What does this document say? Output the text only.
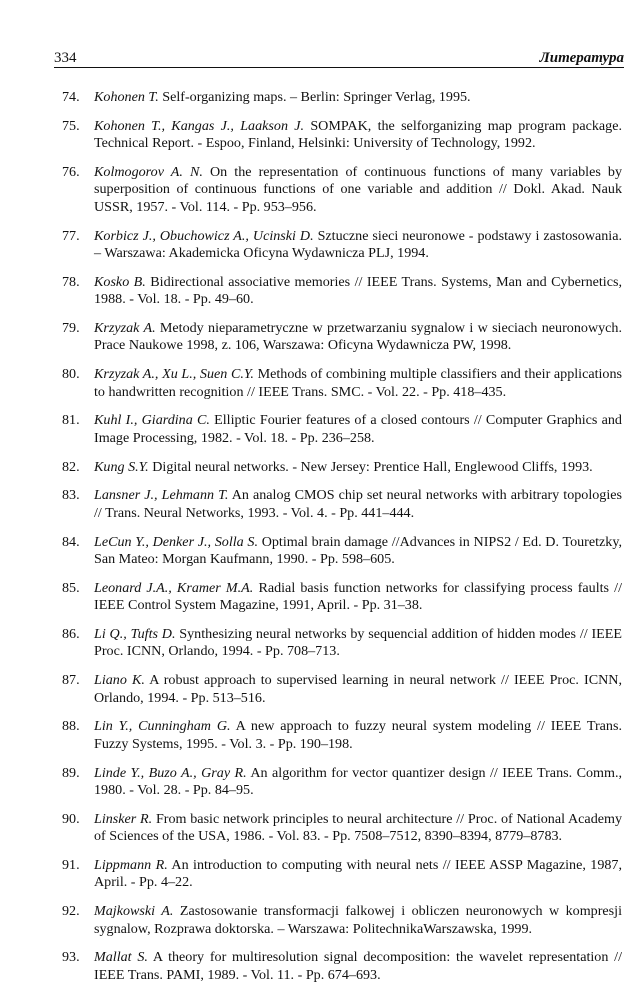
334	Литература
74.	Kohonen T. Self-organizing maps. – Berlin: Springer Verlag, 1995.
75.	Kohonen T., Kangas J., Laakson J. SOMPAK, the selforganizing map program package. Technical Report. - Espoo, Finland, Helsinki: University of Technology, 1992.
76.	Kolmogorov A. N. On the representation of continuous functions of many variables by superposition of continuous functions of one variable and addition // Dokl. Akad. Nauk USSR, 1957. - Vol. 114. - Pp. 953–956.
77.	Korbicz J., Obuchowicz A., Ucinski D. Sztuczne sieci neuronowe - podstawy i zastosowania. – Warszawa: Akademicka Oficyna Wydawnicza PLJ, 1994.
78.	Kosko B. Bidirectional associative memories // IEEE Trans. Systems, Man and Cybernetics, 1988. - Vol. 18. - Pp. 49–60.
79.	Krzyzak A. Metody nieparametryczne w przetwarzaniu sygnalow i w sieciach neuronowych. Prace Naukowe 1998, z. 106, Warszawa: Oficyna Wydawnicza PW, 1998.
80.	Krzyzak A., Xu L., Suen C.Y. Methods of combining multiple classifiers and their applications to handwritten recognition // IEEE Trans. SMC. - Vol. 22. - Pp. 418–435.
81.	Kuhl I., Giardina C. Elliptic Fourier features of a closed contours // Computer Graphics and Image Processing, 1982. - Vol. 18. - Pp. 236–258.
82.	Kung S.Y. Digital neural networks. - New Jersey: Prentice Hall, Englewood Cliffs, 1993.
83.	Lansner J., Lehmann T. An analog CMOS chip set neural networks with arbitrary topologies // Trans. Neural Networks, 1993. - Vol. 4. - Pp. 441–444.
84.	LeCun Y., Denker J., Solla S. Optimal brain damage //Advances in NIPS2 / Ed. D. Touretzky, San Mateo: Morgan Kaufmann, 1990. - Pp. 598–605.
85.	Leonard J.A., Kramer M.A. Radial basis function networks for classifying process faults // IEEE Control System Magazine, 1991, April. - Pp. 31–38.
86.	Li Q., Tufts D. Synthesizing neural networks by sequencial addition of hidden modes // IEEE Proc. ICNN, Orlando, 1994. - Pp. 708–713.
87.	Liano K. A robust approach to supervised learning in neural network // IEEE Proc. ICNN, Orlando, 1994. - Pp. 513–516.
88.	Lin Y., Cunningham G. A new approach to fuzzy neural system modeling // IEEE Trans. Fuzzy Systems, 1995. - Vol. 3. - Pp. 190–198.
89.	Linde Y., Buzo A., Gray R. An algorithm for vector quantizer design // IEEE Trans. Comm., 1980. - Vol. 28. - Pp. 84–95.
90.	Linsker R. From basic network principles to neural architecture // Proc. of National Academy of Sciences of the USA, 1986. - Vol. 83. - Pp. 7508–7512, 8390–8394, 8779–8783.
91.	Lippmann R. An introduction to computing with neural nets // IEEE ASSP Magazine, 1987, April. - Pp. 4–22.
92.	Majkowski A. Zastosowanie transformacji falkowej i obliczen neuronowych w kompresji sygnalow, Rozprawa doktorska. – Warszawa: PolitechnikaWarszawska, 1999.
93.	Mallat S. A theory for multiresolution signal decomposition: the wavelet representation // IEEE Trans. PAMI, 1989. - Vol. 11. - Pp. 674–693.
